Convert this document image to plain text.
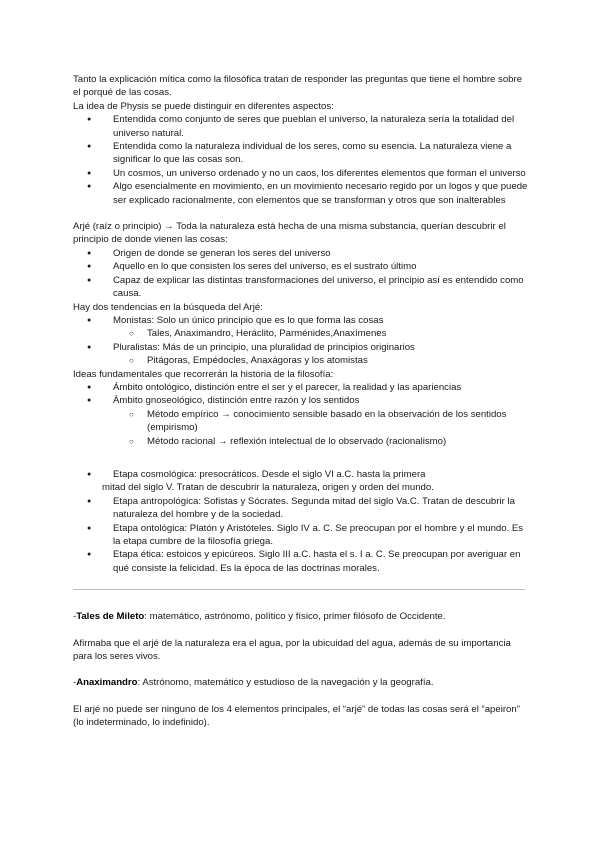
Tanto la explicación mítica como la filosófica tratan de responder las preguntas que tiene el hombre sobre el porqué de las cosas.

La idea de Physis se puede distinguir en diferentes aspectos:

● Entendida como conjunto de seres que pueblan el universo, la naturaleza sería la totalidad del universo natural.
● Entendida como la naturaleza individual de los seres, como su esencia. La naturaleza viene a significar lo que las cosas son.
● Un cosmos, un universo ordenado y no un caos, los diferentes elementos que forman el universo
● Algo esencialmente en movimiento, en un movimiento necesario regido por un logos y que puede ser explicado racionalmente, con elementos que se transforman y otros que son inalterables

Arjé (raíz o principio) → Toda la naturaleza está hecha de una misma substancia, querían descubrir el principio de donde vienen las cosas:

● Origen de donde se generan los seres del universo
● Aquello en lo que consisten los seres del universo, es el sustrato último
● Capaz de explicar las distintas transformaciones del universo, el principio así es entendido como causa.

Hay dos tendencias en la búsqueda del Arjé:

● Monistas: Solo un único principio que es lo que forma las cosas
○ Tales, Anaximandro, Heráclito, Parménides,Anaxímenes
● Pluralistas: Más de un principio, una pluralidad de principios originarios
○ Pitágoras, Empédocles, Anaxágoras y los atomistas

Ideas fundamentales que recorrerán la historia de la filosofía:

● Ámbito ontológico, distinción entre el ser y el parecer, la realidad y las apariencias
● Ámbito gnoseológico, distinción entre razón y los sentidos
○ Método empírico → conocimiento sensible basado en la observación de los sentidos (empirismo)
○ Método racional → reflexión intelectual de lo observado (racionalismo)
● Etapa cosmológica: presocráticos. Desde el siglo VI a.C. hasta la primera
mitad del siglo V. Tratan de descubrir la naturaleza, origen y orden del mundo.
● Etapa antropológica: Sofistas y Sócrates. Segunda mitad del siglo Va.C. Tratan de descubrir la naturaleza del hombre y de la sociedad.
● Etapa ontológica: Platón y Aristóteles. Siglo IV a. C. Se preocupan por el hombre y el mundo. Es la etapa cumbre de la filosofía griega.
● Etapa ética: estoicos y epicúreos. Siglo III a.C. hasta el s. I a. C. Se preocupan por averiguar en qué consiste la felicidad. Es la época de las doctrinas morales.

-Tales de Mileto: matemático, astrónomo, político y físico, primer filósofo de Occidente.

Afirmaba que el arjé de la naturaleza era el agua, por la ubicuidad del agua, además de su importancia para los seres vivos.

-Anaximandro: Astrónomo, matemático y estudioso de la navegación y la geografía.

El arjé no puede ser ninguno de los 4 elementos principales, el “arjé” de todas las cosas será el “apeiron” (lo indeterminado, lo indefinido).
